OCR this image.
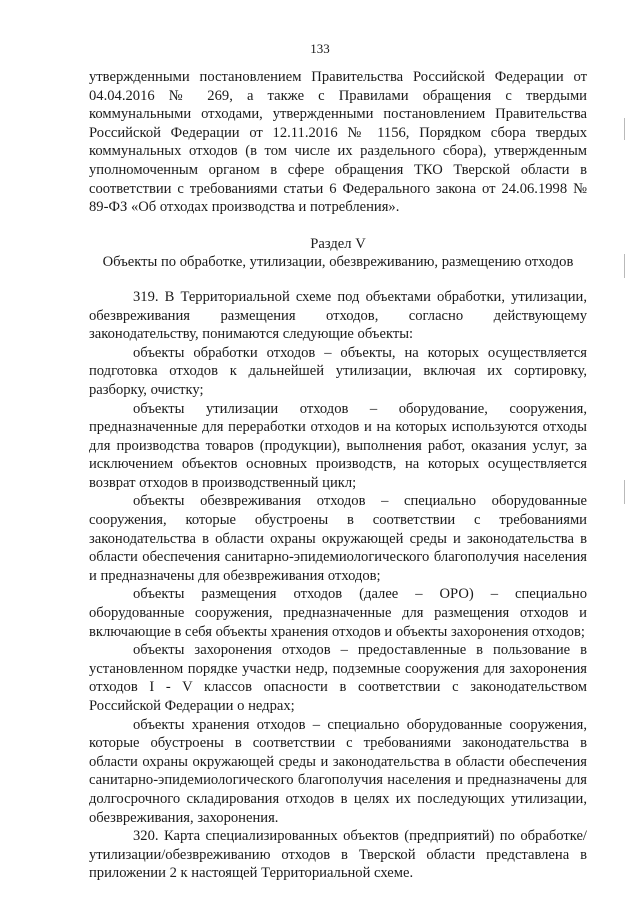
133

утвержденными постановлением Правительства Российской Федерации от 04.04.2016 № 269, а также с Правилами обращения с твердыми коммунальными отходами, утвержденными постановлением Правительства Российской Федерации от 12.11.2016 № 1156, Порядком сбора твердых коммунальных отходов (в том числе их раздельного сбора), утвержденным уполномоченным органом в сфере обращения ТКО Тверской области в соответствии с требованиями статьи 6 Федерального закона от 24.06.1998 № 89-ФЗ «Об отходах производства и потребления».

Раздел V
Объекты по обработке, утилизации, обезвреживанию, размещению отходов

319. В Территориальной схеме под объектами обработки, утилизации, обезвреживания размещения отходов, согласно действующему законодательству, понимаются следующие объекты:

объекты обработки отходов – объекты, на которых осуществляется подготовка отходов к дальнейшей утилизации, включая их сортировку, разборку, очистку;

объекты утилизации отходов – оборудование, сооружения, предназначенные для переработки отходов и на которых используются отходы для производства товаров (продукции), выполнения работ, оказания услуг, за исключением объектов основных производств, на которых осуществляется возврат отходов в производственный цикл;

объекты обезвреживания отходов – специально оборудованные сооружения, которые обустроены в соответствии с требованиями законодательства в области охраны окружающей среды и законодательства в области обеспечения санитарно-эпидемиологического благополучия населения и предназначены для обезвреживания отходов;

объекты размещения отходов (далее – ОРО) – специально оборудованные сооружения, предназначенные для размещения отходов и включающие в себя объекты хранения отходов и объекты захоронения отходов;

объекты захоронения отходов – предоставленные в пользование в установленном порядке участки недр, подземные сооружения для захоронения отходов I - V классов опасности в соответствии с законодательством Российской Федерации о недрах;

объекты хранения отходов – специально оборудованные сооружения, которые обустроены в соответствии с требованиями законодательства в области охраны окружающей среды и законодательства в области обеспечения санитарно-эпидемиологического благополучия населения и предназначены для долгосрочного складирования отходов в целях их последующих утилизации, обезвреживания, захоронения.

320. Карта специализированных объектов (предприятий) по обработке/утилизации/обезвреживанию отходов в Тверской области представлена в приложении 2 к настоящей Территориальной схеме.
